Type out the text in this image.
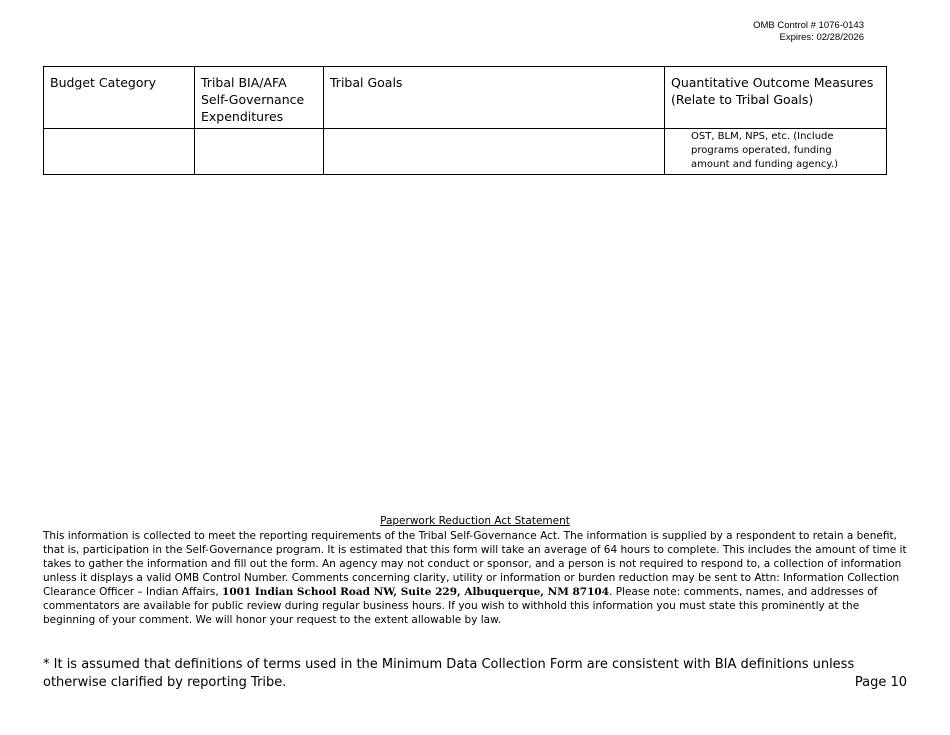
OMB Control # 1076-0143
Expires: 02/28/2026
Budget Category	Tribal BIA/AFA Self-Governance Expenditures	Tribal Goals	Quantitative Outcome Measures (Relate to Tribal Goals)

			OST, BLM, NPS, etc. (Include programs operated, funding amount and funding agency.)
Paperwork Reduction Act Statement
This information is collected to meet the reporting requirements of the Tribal Self-Governance Act. The information is supplied by a respondent to retain a benefit, that is, participation in the Self-Governance program. It is estimated that this form will take an average of 64 hours to complete. This includes the amount of time it takes to gather the information and fill out the form. An agency may not conduct or sponsor, and a person is not required to respond to, a collection of information unless it displays a valid OMB Control Number. Comments concerning clarity, utility or information or burden reduction may be sent to Attn: Information Collection Clearance Officer – Indian Affairs, 1001 Indian School Road NW, Suite 229, Albuquerque, NM 87104. Please note: comments, names, and addresses of commentators are available for public review during regular business hours. If you wish to withhold this information you must state this prominently at the beginning of your comment. We will honor your request to the extent allowable by law.
* It is assumed that definitions of terms used in the Minimum Data Collection Form are consistent with BIA definitions unless otherwise clarified by reporting Tribe.	Page 10
